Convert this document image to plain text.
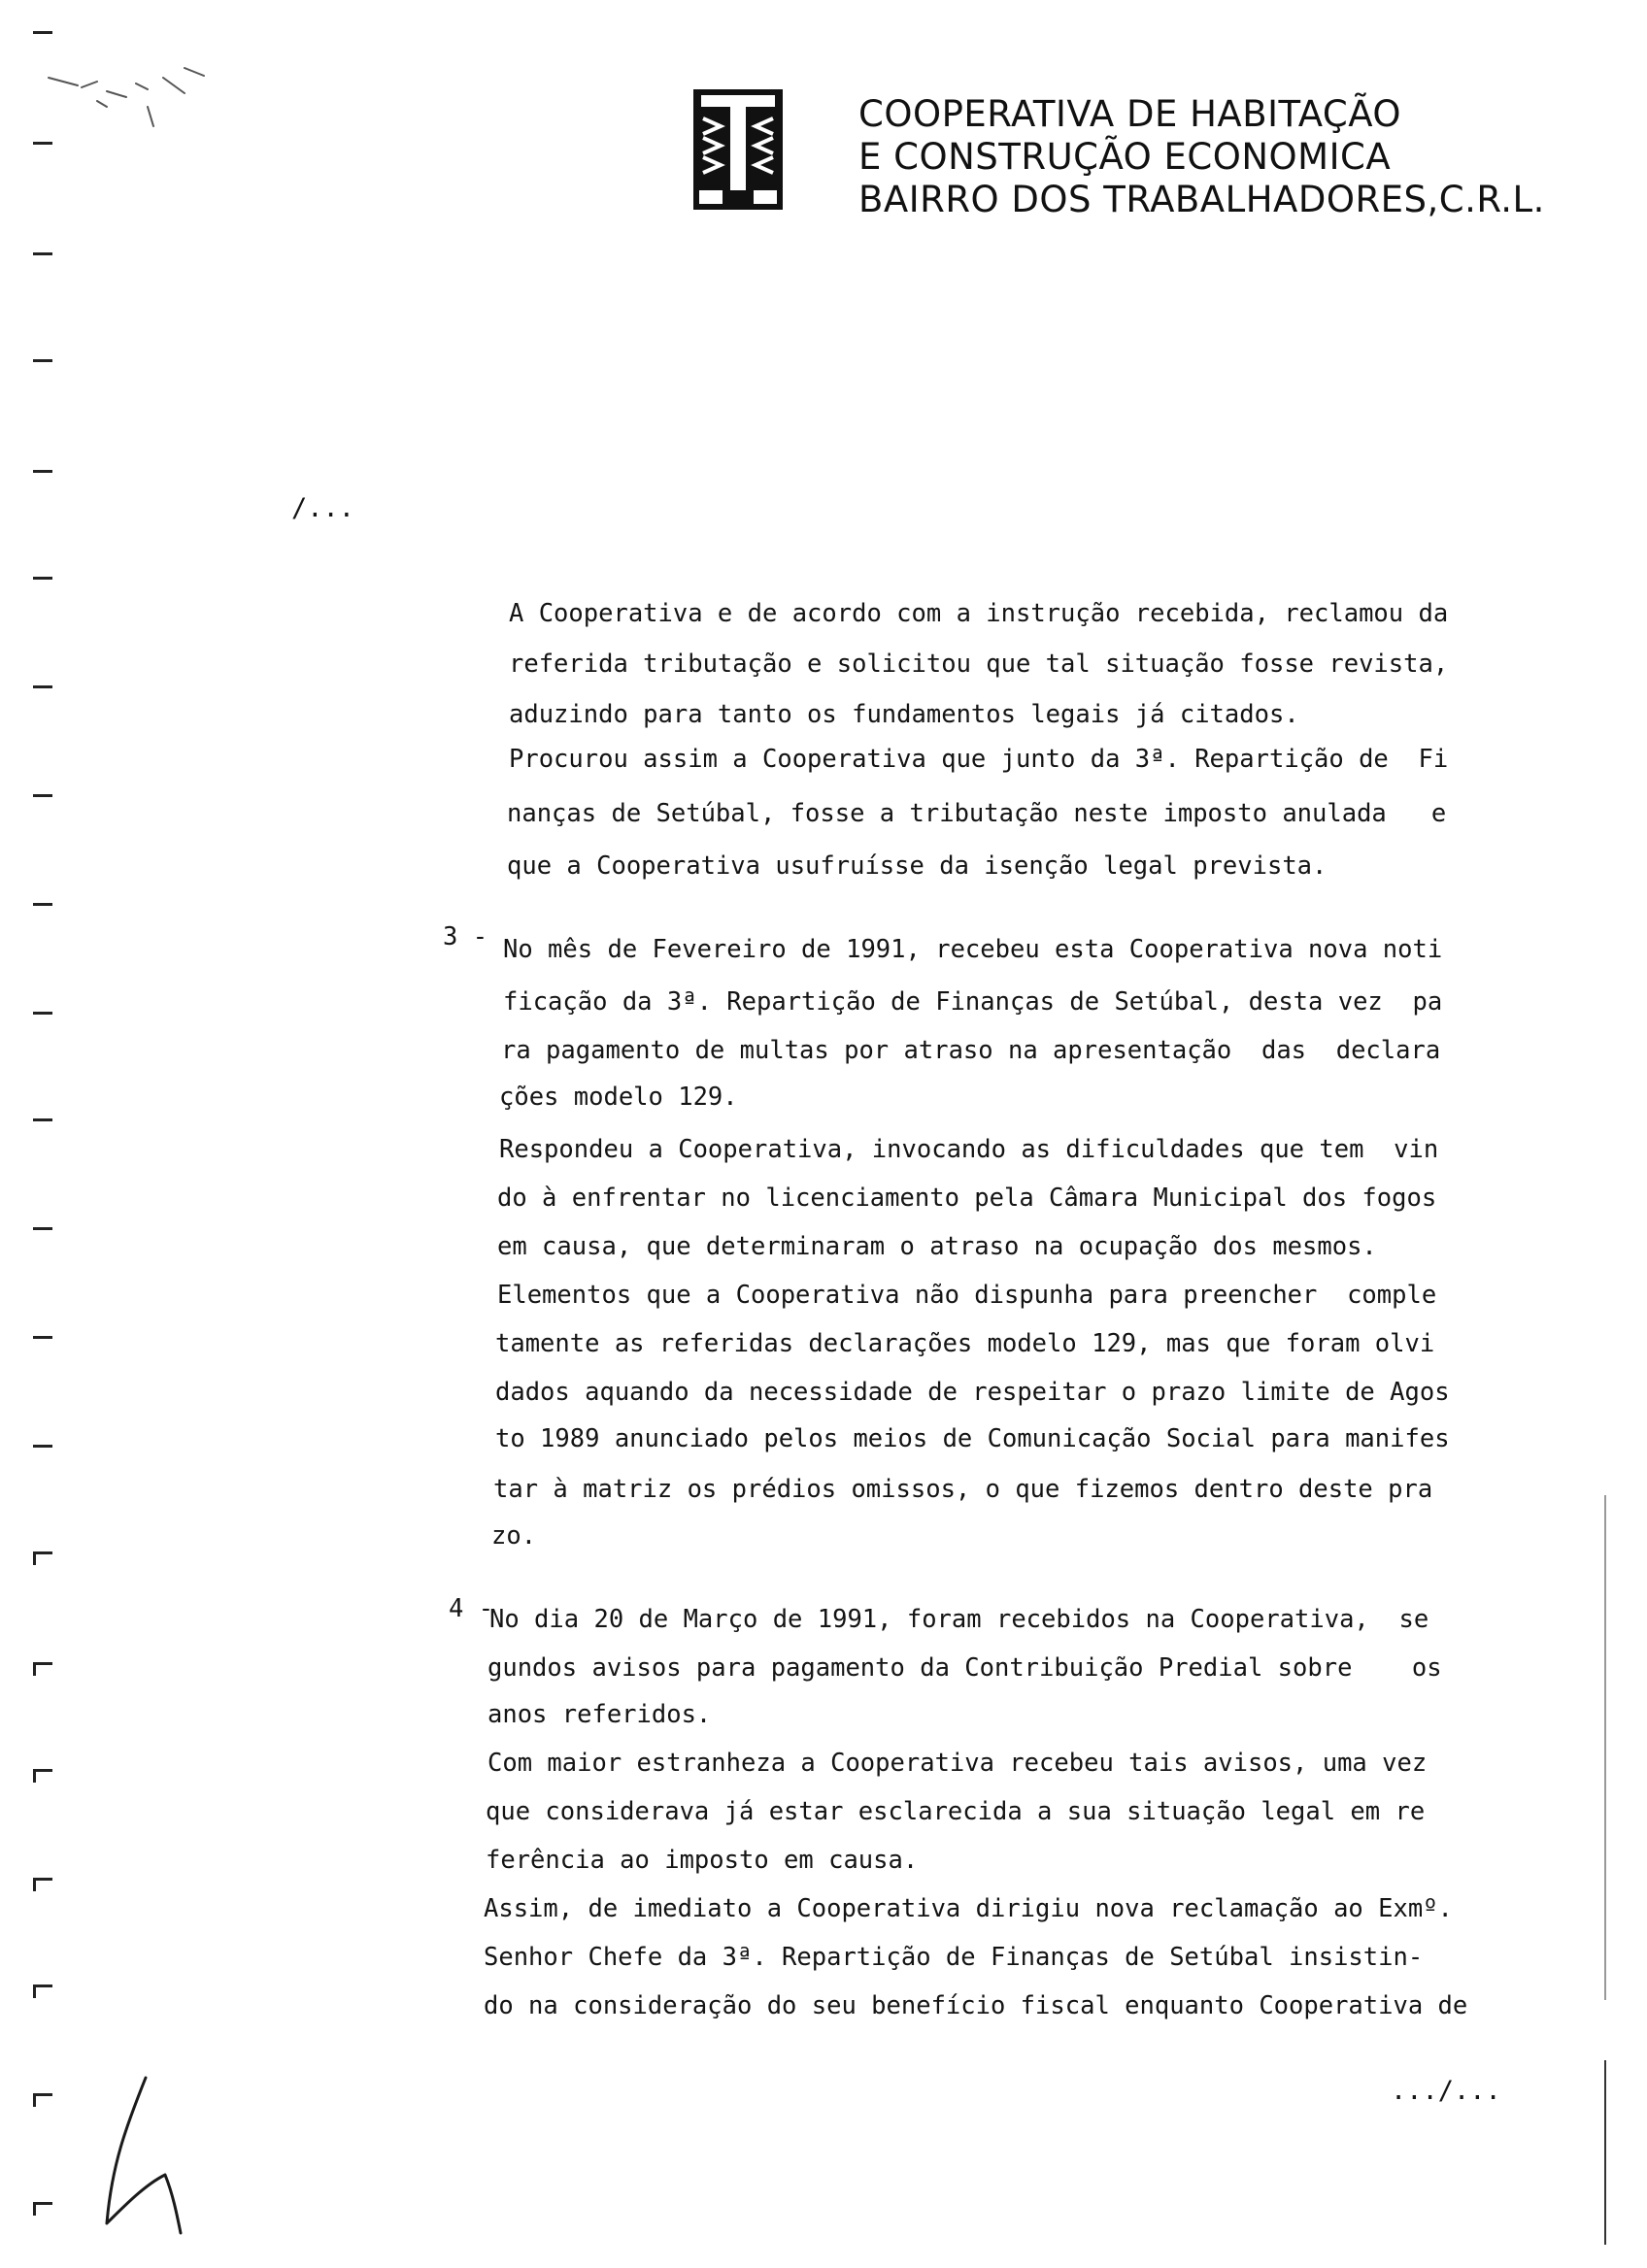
COOPERATIVA DE HABITAÇÃO
E CONSTRUÇÃO ECONOMICA
BAIRRO DOS TRABALHADORES,C.R.L.
/...
A Cooperativa e de acordo com a instrução recebida, reclamou da
referida tributação e solicitou que tal situação fosse revista,
aduzindo para tanto os fundamentos legais já citados.
Procurou assim a Cooperativa que junto da 3ª. Repartição de  Fi
nanças de Setúbal, fosse a tributação neste imposto anulada   e
que a Cooperativa usufruísse da isenção legal prevista.
3 - No mês de Fevereiro de 1991, recebeu esta Cooperativa nova noti
ficação da 3ª. Repartição de Finanças de Setúbal, desta vez  pa
ra pagamento de multas por atraso na apresentação  das  declara
ções modelo 129.
Respondeu a Cooperativa, invocando as dificuldades que tem  vin
do à enfrentar no licenciamento pela Câmara Municipal dos fogos
em causa, que determinaram o atraso na ocupação dos mesmos.
Elementos que a Cooperativa não dispunha para preencher  comple
tamente as referidas declarações modelo 129, mas que foram olvi
dados aquando da necessidade de respeitar o prazo limite de Agos
to 1989 anunciado pelos meios de Comunicação Social para manifes
tar à matriz os prédios omissos, o que fizemos dentro deste pra
zo.
4 -
No dia 20 de Março de 1991, foram recebidos na Cooperativa,  se
gundos avisos para pagamento da Contribuição Predial sobre    os
anos referidos.
Com maior estranheza a Cooperativa recebeu tais avisos, uma vez
que considerava já estar esclarecida a sua situação legal em re
ferência ao imposto em causa.
Assim, de imediato a Cooperativa dirigiu nova reclamação ao Exmº.
Senhor Chefe da 3ª. Repartição de Finanças de Setúbal insistin-
do na consideração do seu benefício fiscal enquanto Cooperativa de
.../...
